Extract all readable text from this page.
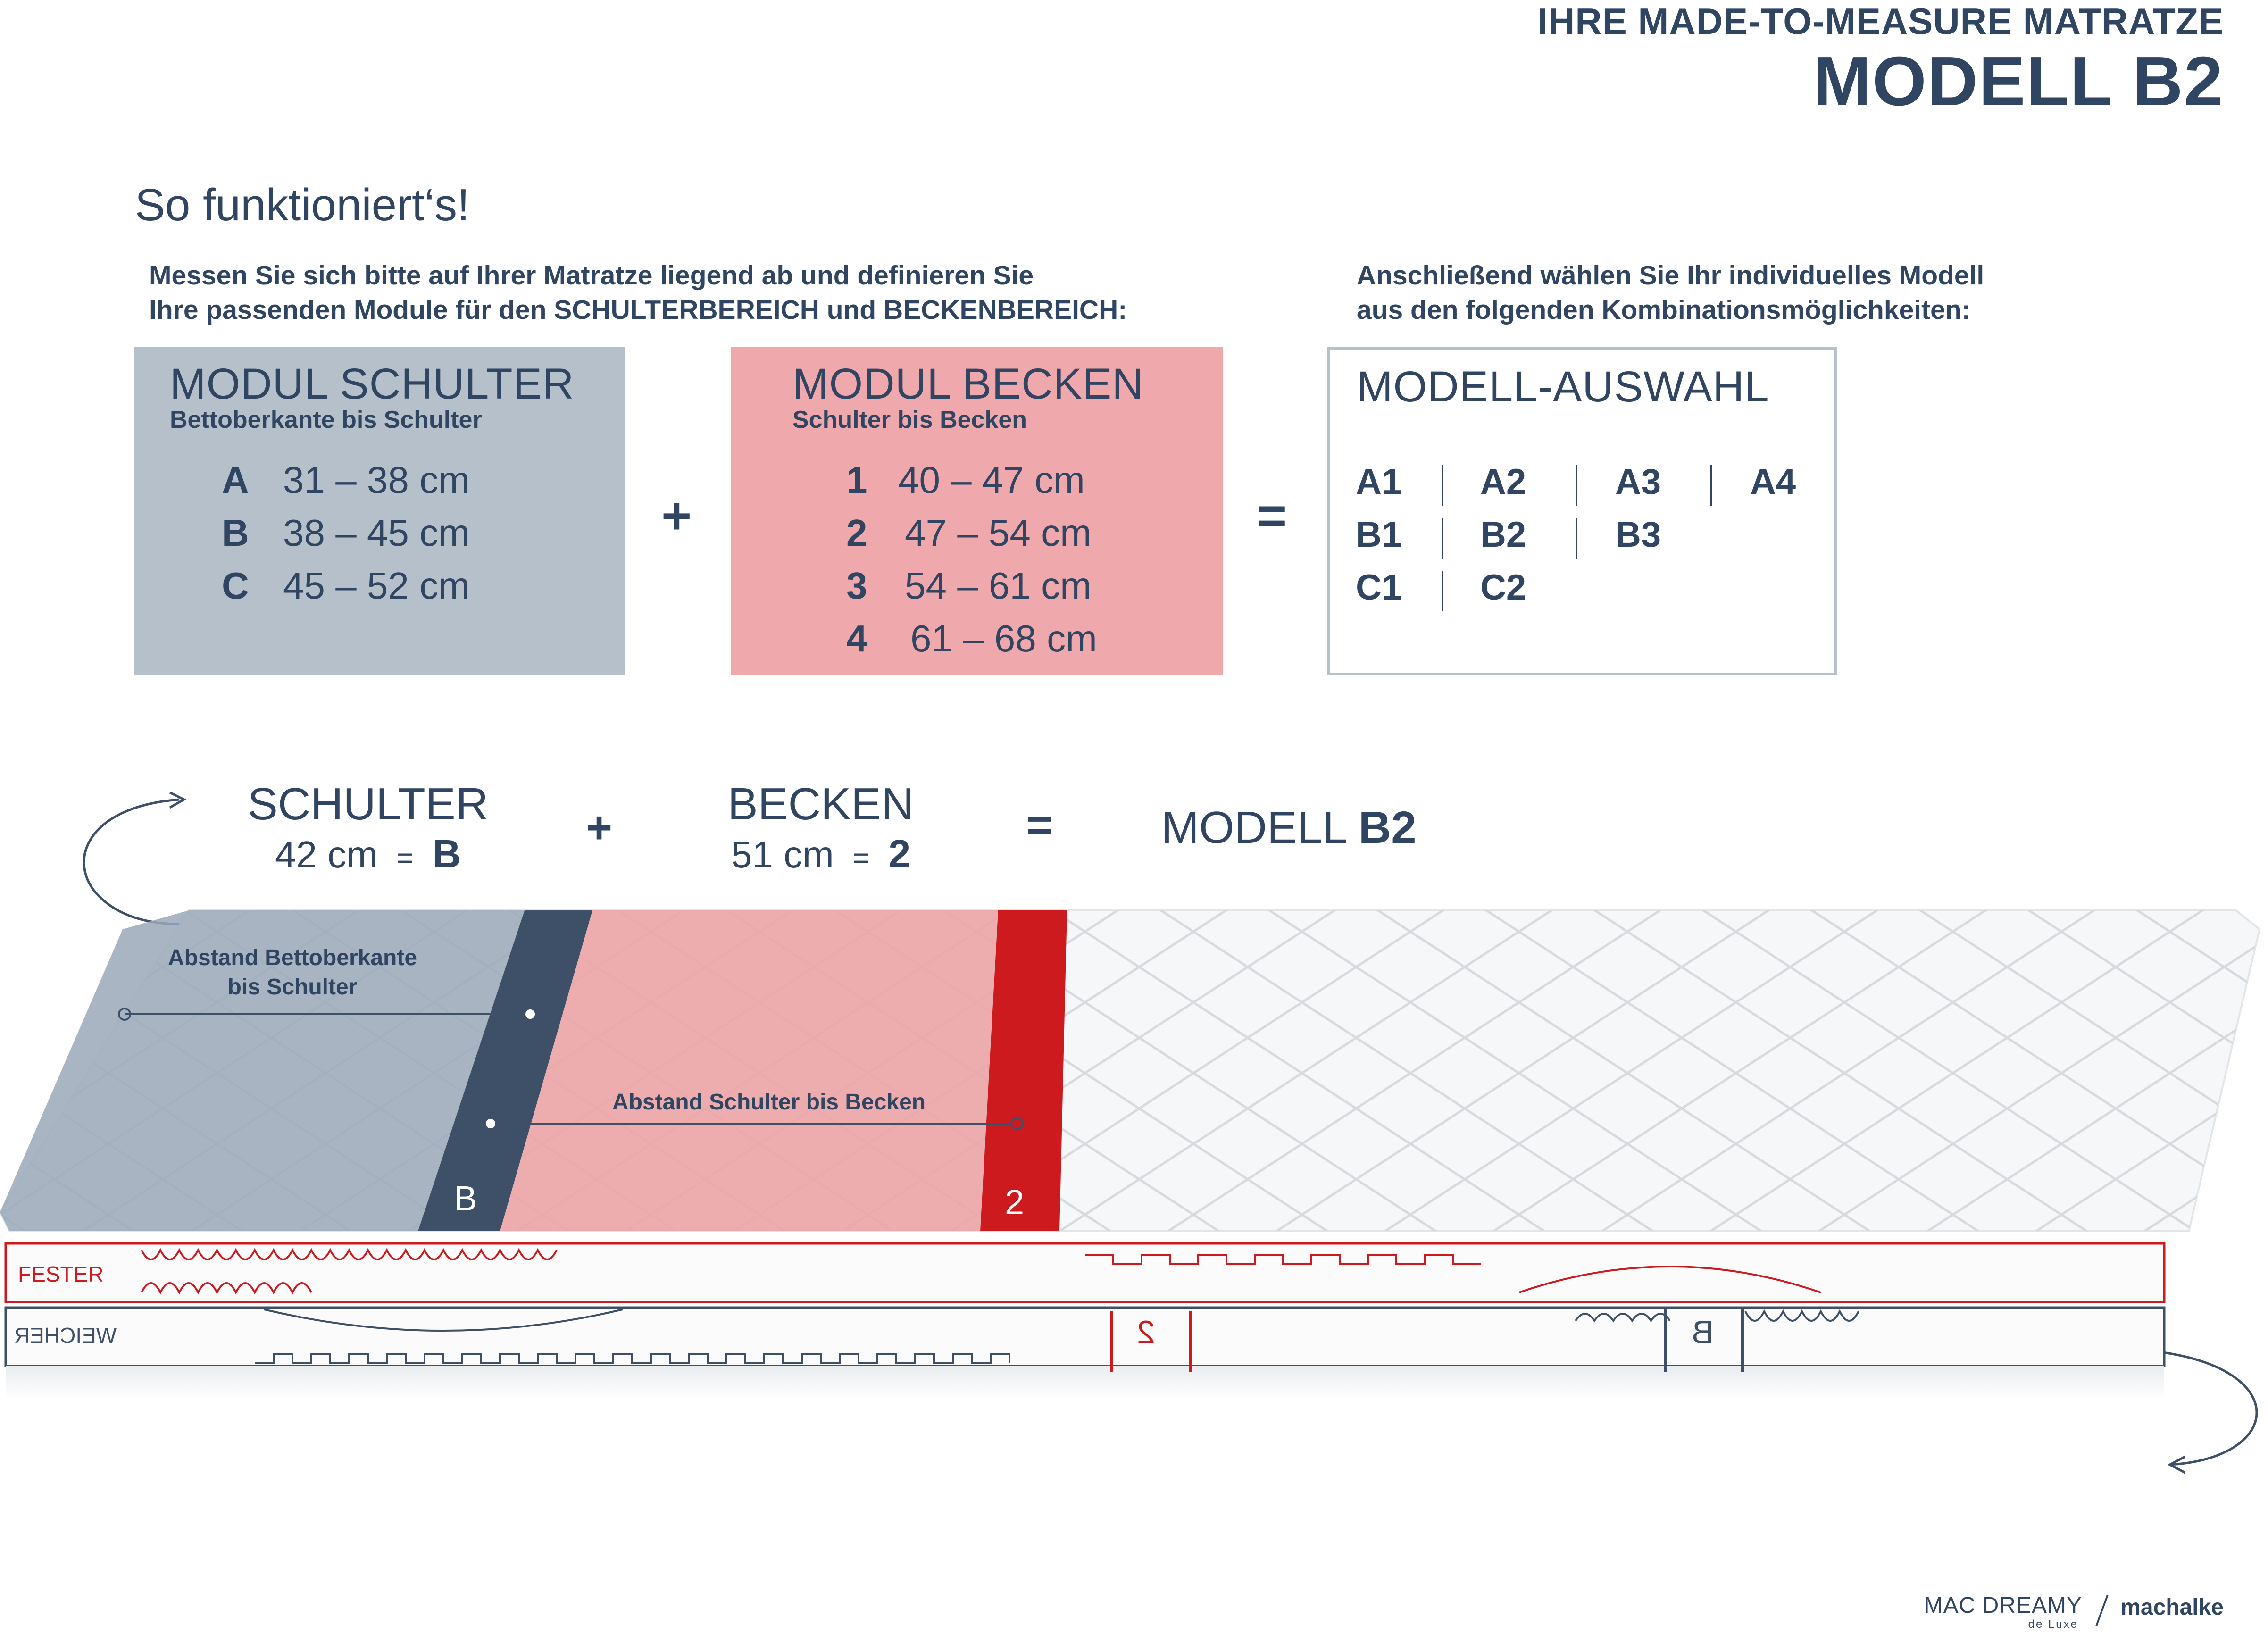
IHRE MADE-TO-MEASURE MATRATZE
MODELL B2
So funktioniert‘s!
Messen Sie sich bitte auf Ihrer Matratze liegend ab und definieren Sie
Ihre passenden Module für den SCHULTERBEREICH und BECKENBEREICH:
Anschließend wählen Sie Ihr individuelles Modell
aus den folgenden Kombinationsmöglichkeiten:
MODUL SCHULTER
Bettoberkante bis Schulter
A 31 – 38 cm
B 38 – 45 cm
C 45 – 52 cm
+
MODUL BECKEN
Schulter bis Becken
1 40 – 47 cm
2 47 – 54 cm
3 54 – 61 cm
4 61 – 68 cm
=
MODELL-AUSWAHL
A1 A2 A3 A4
B1 B2 B3
C1 C2
SCHULTER
42 cm = B
+	BECKEN
51 cm = 2
= MODELL B2
Abstand Bettoberkante
bis Schulter
Abstand Schulter bis Becken
B	2
FESTER
WEICHER	2	B
MAC DREAMY
de Luxe
machalke
